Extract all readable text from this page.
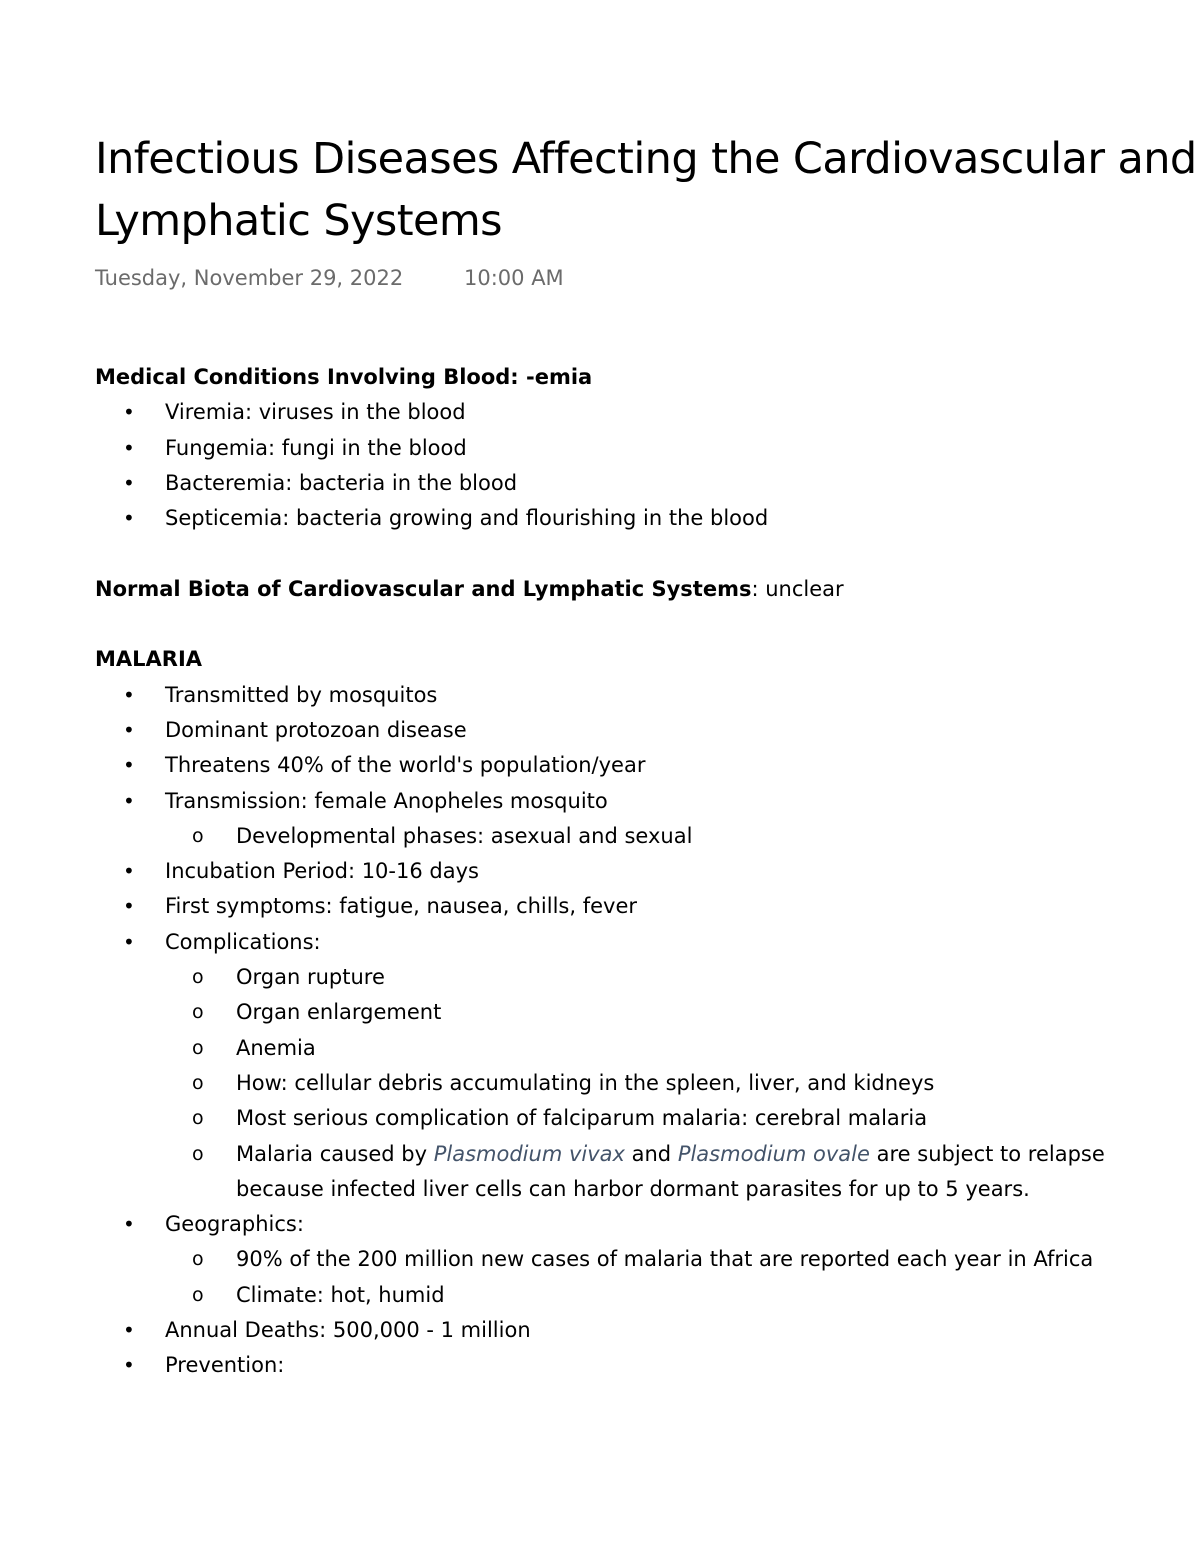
Infectious Diseases Affecting the Cardiovascular and Lymphatic Systems
Tuesday, November 29, 2022	10:00 AM

Medical Conditions Involving Blood: -emia

• Viremia: viruses in the blood
• Fungemia: fungi in the blood
• Bacteremia: bacteria in the blood
• Septicemia: bacteria growing and flourishing in the blood

Normal Biota of Cardiovascular and Lymphatic Systems: unclear

MALARIA

• Transmitted by mosquitos
• Dominant protozoan disease
• Threatens 40% of the world's population/year
• Transmission: female Anopheles mosquito
o Developmental phases: asexual and sexual
• Incubation Period: 10-16 days
• First symptoms: fatigue, nausea, chills, fever
• Complications:
o Organ rupture
o Organ enlargement
o Anemia
o How: cellular debris accumulating in the spleen, liver, and kidneys
o Most serious complication of falciparum malaria: cerebral malaria
o Malaria caused by Plasmodium vivax and Plasmodium ovale are subject to relapse because infected liver cells can harbor dormant parasites for up to 5 years.
• Geographics:
o 90% of the 200 million new cases of malaria that are reported each year in Africa
o Climate: hot, humid
• Annual Deaths: 500,000 - 1 million
• Prevention:
